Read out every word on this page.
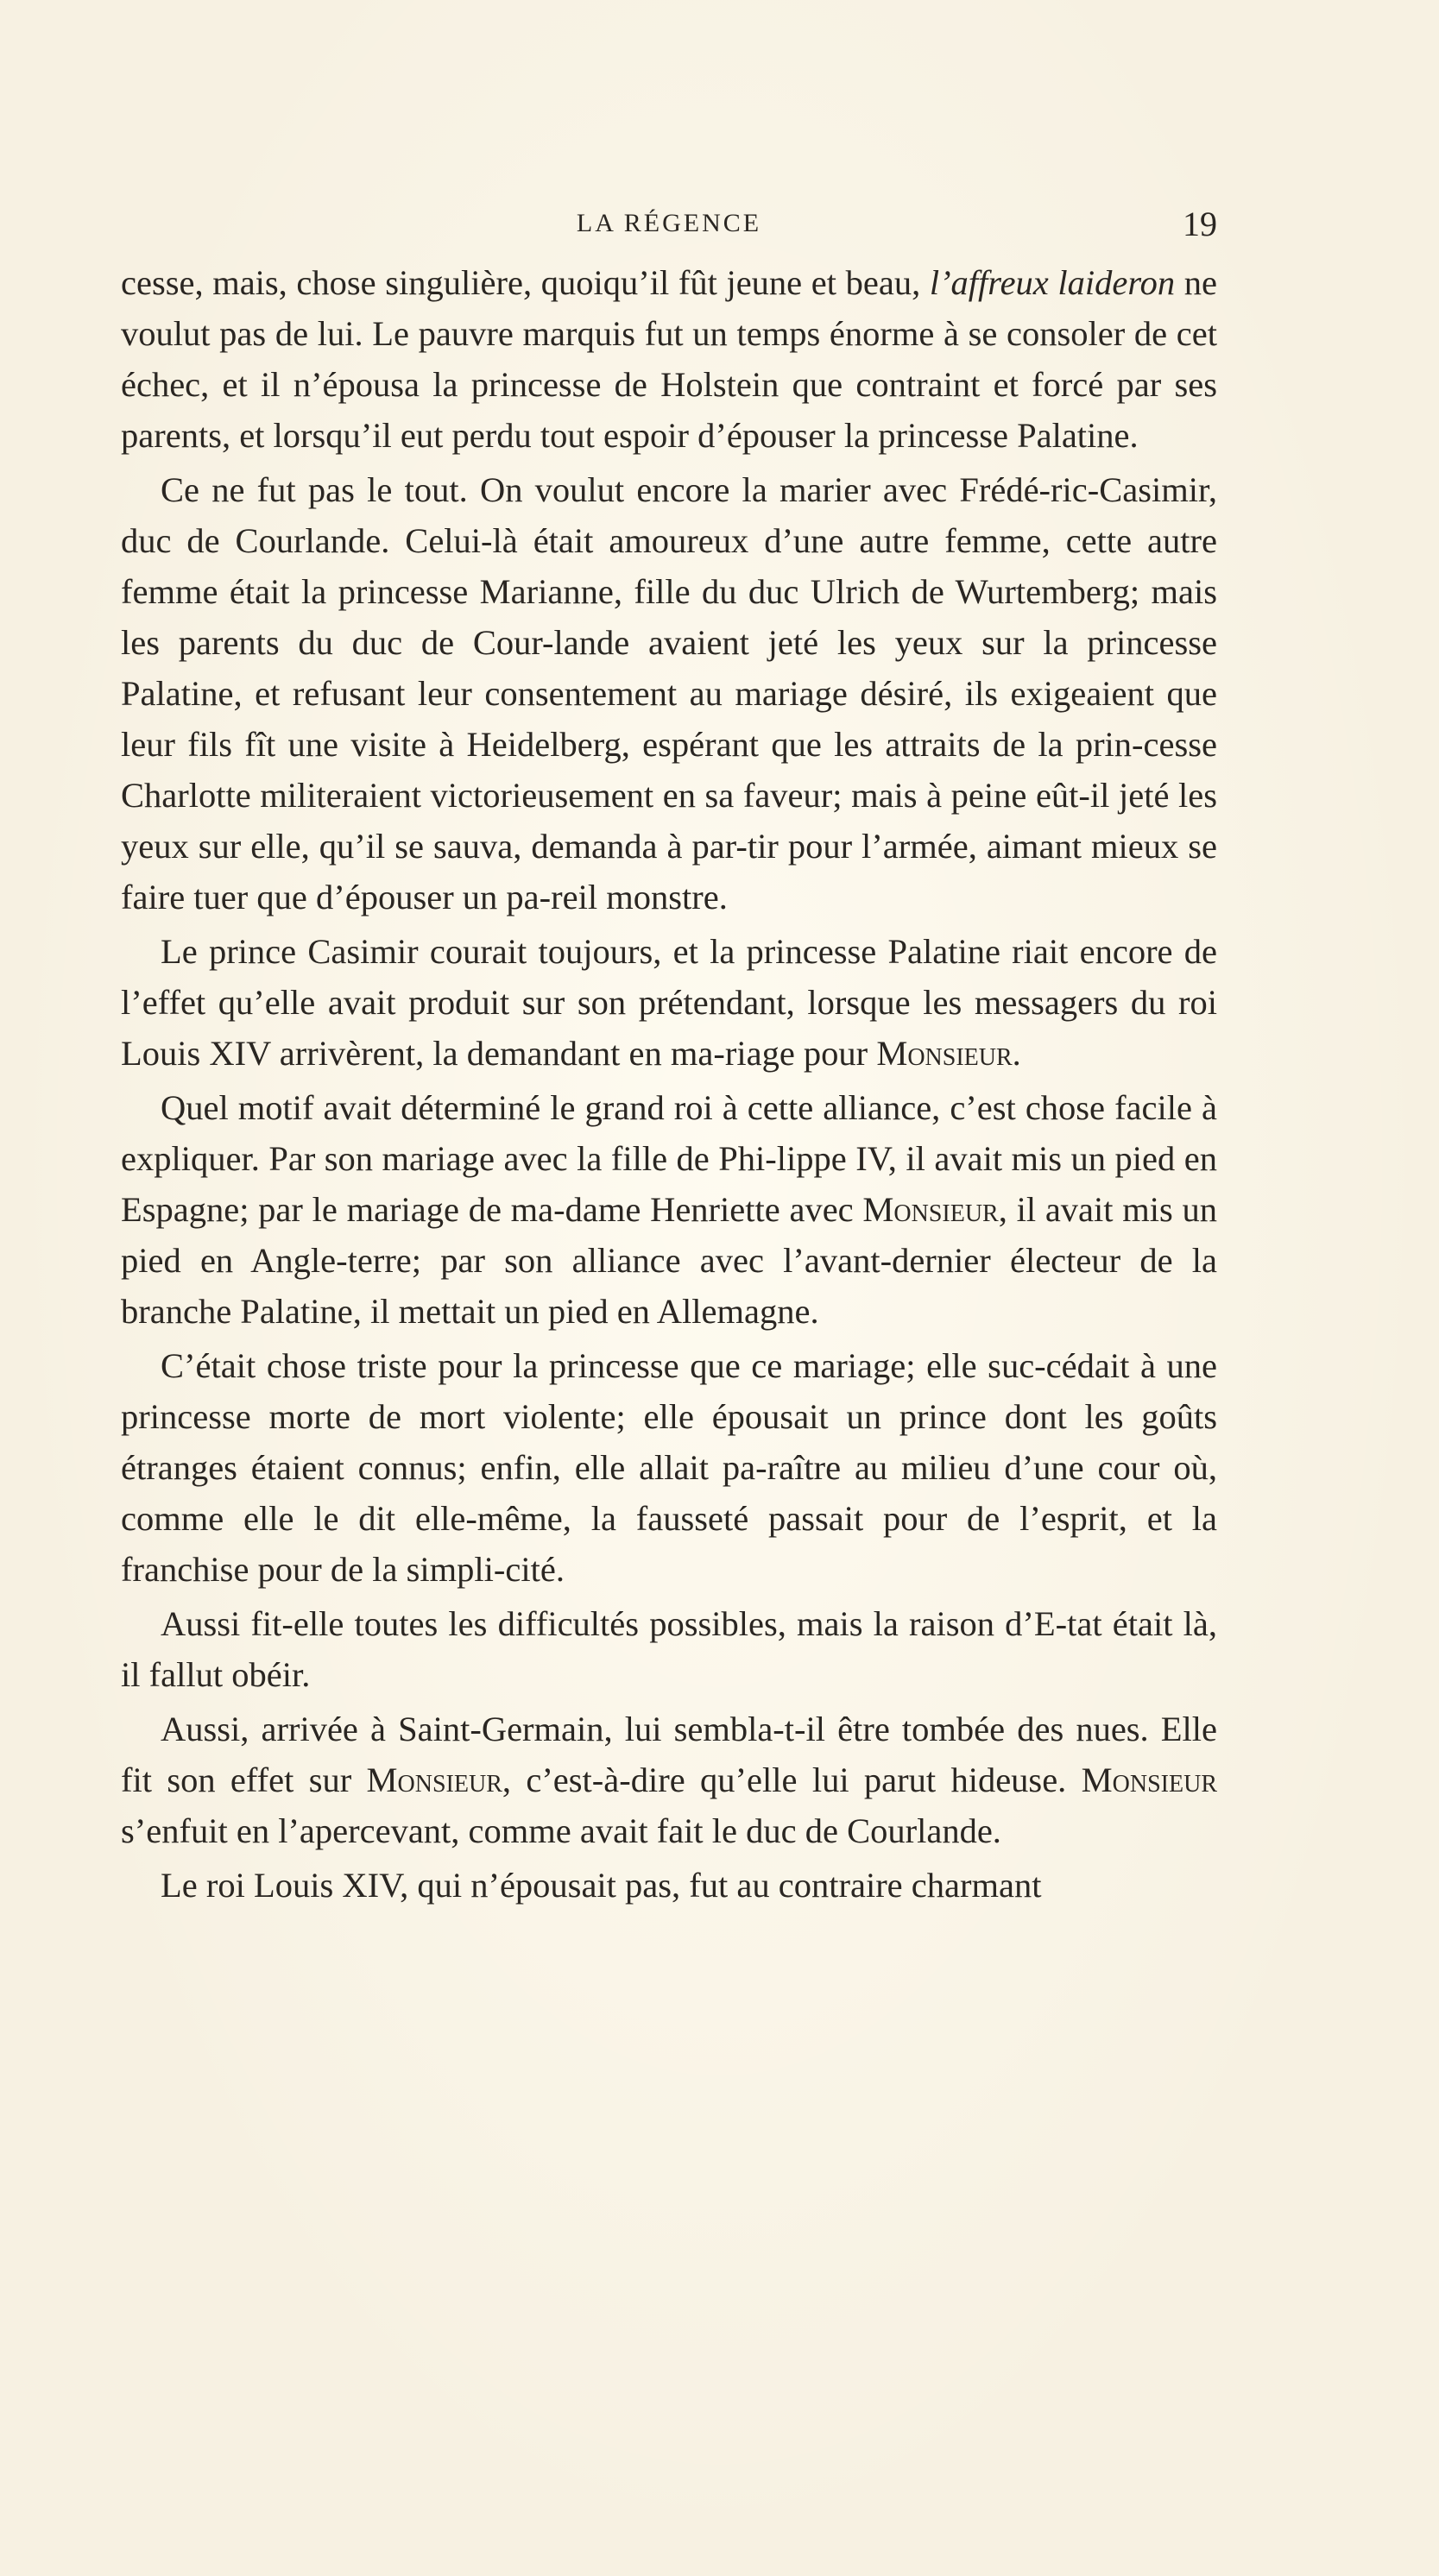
LA RÉGENCE	19

cesse, mais, chose singulière, quoiqu’il fût jeune et beau, l’affreux laideron ne voulut pas de lui. Le pauvre marquis fut un temps énorme à se consoler de cet échec, et il n’épousa la princesse de Holstein que contraint et forcé par ses parents, et lorsqu’il eut perdu tout espoir d’épouser la princesse Palatine.

Ce ne fut pas le tout. On voulut encore la marier avec Frédé-ric-Casimir, duc de Courlande. Celui-là était amoureux d’une autre femme, cette autre femme était la princesse Marianne, fille du duc Ulrich de Wurtemberg; mais les parents du duc de Cour-lande avaient jeté les yeux sur la princesse Palatine, et refusant leur consentement au mariage désiré, ils exigeaient que leur fils fît une visite à Heidelberg, espérant que les attraits de la prin-cesse Charlotte militeraient victorieusement en sa faveur; mais à peine eût-il jeté les yeux sur elle, qu’il se sauva, demanda à par-tir pour l’armée, aimant mieux se faire tuer que d’épouser un pa-reil monstre.

Le prince Casimir courait toujours, et la princesse Palatine riait encore de l’effet qu’elle avait produit sur son prétendant, lorsque les messagers du roi Louis XIV arrivèrent, la demandant en ma-riage pour Monsieur.

Quel motif avait déterminé le grand roi à cette alliance, c’est chose facile à expliquer. Par son mariage avec la fille de Phi-lippe IV, il avait mis un pied en Espagne; par le mariage de ma-dame Henriette avec Monsieur, il avait mis un pied en Angle-terre; par son alliance avec l’avant-dernier électeur de la branche Palatine, il mettait un pied en Allemagne.

C’était chose triste pour la princesse que ce mariage; elle suc-cédait à une princesse morte de mort violente; elle épousait un prince dont les goûts étranges étaient connus; enfin, elle allait pa-raître au milieu d’une cour où, comme elle le dit elle-même, la fausseté passait pour de l’esprit, et la franchise pour de la simpli-cité.

Aussi fit-elle toutes les difficultés possibles, mais la raison d’E-tat était là, il fallut obéir.

Aussi, arrivée à Saint-Germain, lui sembla-t-il être tombée des nues. Elle fit son effet sur Monsieur, c’est-à-dire qu’elle lui parut hideuse. Monsieur s’enfuit en l’apercevant, comme avait fait le duc de Courlande.

Le roi Louis XIV, qui n’épousait pas, fut au contraire charmant
